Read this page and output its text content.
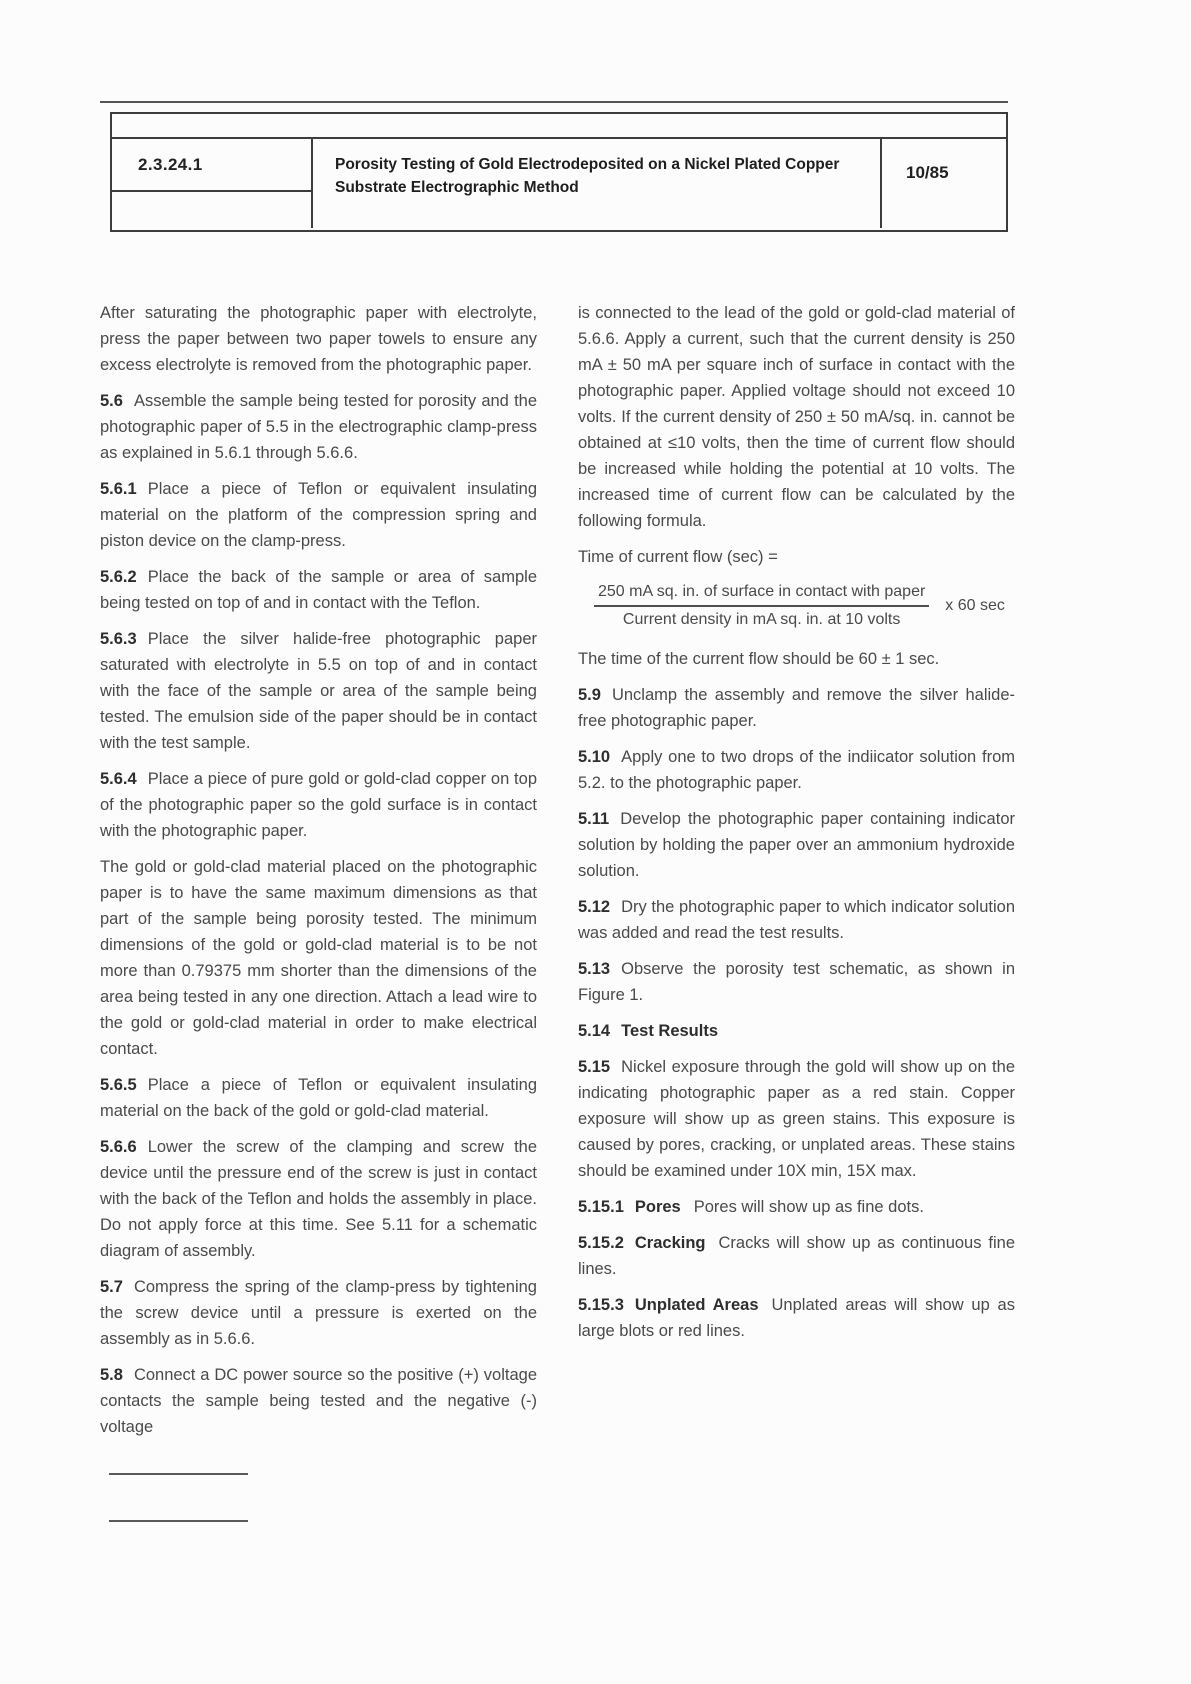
2.3.24.1	Porosity Testing of Gold Electrodeposited on a Nickel Plated Copper
Substrate Electrographic Method
10/85

After saturating the photographic paper with electrolyte, press the paper between two paper towels to ensure any excess electrolyte is removed from the photographic paper.

5.6 Assemble the sample being tested for porosity and the photographic paper of 5.5 in the electrographic clamp-press as explained in 5.6.1 through 5.6.6.

5.6.1 Place a piece of Teflon or equivalent insulating material on the platform of the compression spring and piston device on the clamp-press.

5.6.2 Place the back of the sample or area of sample being tested on top of and in contact with the Teflon.

5.6.3 Place the silver halide-free photographic paper saturated with electrolyte in 5.5 on top of and in contact with the face of the sample or area of the sample being tested. The emulsion side of the paper should be in contact with the test sample.

5.6.4 Place a piece of pure gold or gold-clad copper on top of the photographic paper so the gold surface is in contact with the photographic paper.

The gold or gold-clad material placed on the photographic paper is to have the same maximum dimensions as that part of the sample being porosity tested. The minimum dimensions of the gold or gold-clad material is to be not more than 0.79375 mm shorter than the dimensions of the area being tested in any one direction. Attach a lead wire to the gold or gold-clad material in order to make electrical contact.

5.6.5 Place a piece of Teflon or equivalent insulating material on the back of the gold or gold-clad material.

5.6.6 Lower the screw of the clamping and screw the device until the pressure end of the screw is just in contact with the back of the Teflon and holds the assembly in place. Do not apply force at this time. See 5.11 for a schematic diagram of assembly.

5.7 Compress the spring of the clamp-press by tightening the screw device until a pressure is exerted on the assembly as in 5.6.6.

5.8 Connect a DC power source so the positive (+) voltage contacts the sample being tested and the negative (-) voltage

is connected to the lead of the gold or gold-clad material of 5.6.6. Apply a current, such that the current density is 250 mA ± 50 mA per square inch of surface in contact with the photographic paper. Applied voltage should not exceed 10 volts. If the current density of 250 ± 50 mA/sq. in. cannot be obtained at ≤10 volts, then the time of current flow should be increased while holding the potential at 10 volts. The increased time of current flow can be calculated by the following formula.

Time of current flow (sec) =

$\frac{\text{250 mA sq. in. of surface in contact with paper}}{\text{Current density in mA sq. in. at 10 volts}}$ x 60 sec

The time of the current flow should be 60 ± 1 sec.

5.9 Unclamp the assembly and remove the silver halide-free photographic paper.

5.10 Apply one to two drops of the indiicator solution from 5.2. to the photographic paper.

5.11 Develop the photographic paper containing indicator solution by holding the paper over an ammonium hydroxide solution.

5.12 Dry the photographic paper to which indicator solution was added and read the test results.

5.13 Observe the porosity test schematic, as shown in Figure 1.

5.14 Test Results

5.15 Nickel exposure through the gold will show up on the indicating photographic paper as a red stain. Copper exposure will show up as green stains. This exposure is caused by pores, cracking, or unplated areas. These stains should be examined under 10X min, 15X max.

5.15.1 Pores Pores will show up as fine dots.

5.15.2 Cracking Cracks will show up as continuous fine lines.

5.15.3 Unplated Areas Unplated areas will show up as large blots or red lines.
